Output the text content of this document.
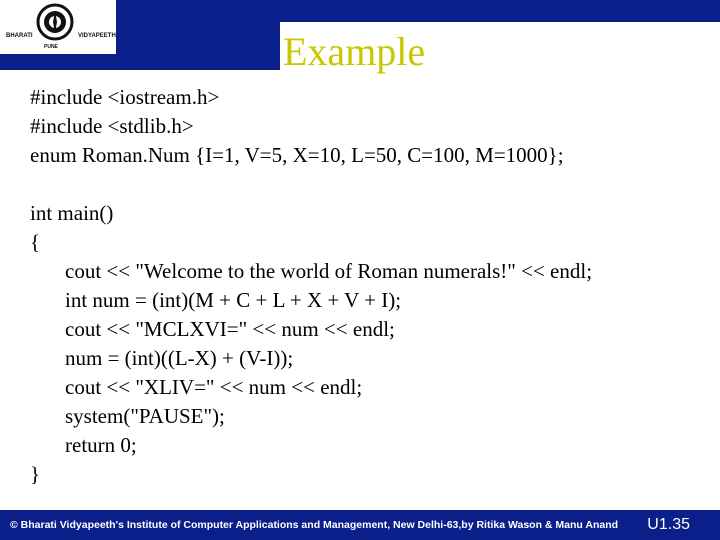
BHARATI	VIDYAPEETH
PUNE	Example
#include <iostream.h>
#include <stdlib.h>
enum Roman.Num {I=1, V=5, X=10, L=50, C=100, M=1000};
int main()
{
cout << "Welcome to the world of Roman numerals!" << endl;
int num = (int)(M + C + L + X + V + I);
cout << "MCLXVI=" << num << endl;
num = (int)((L-X) + (V-I));
cout << "XLIV=" << num << endl;
system("PAUSE");
return 0;
}
© Bharati Vidyapeeth's Institute of Computer Applications and Management, New Delhi-63,by Ritika Wason & Manu Anand U1.35
